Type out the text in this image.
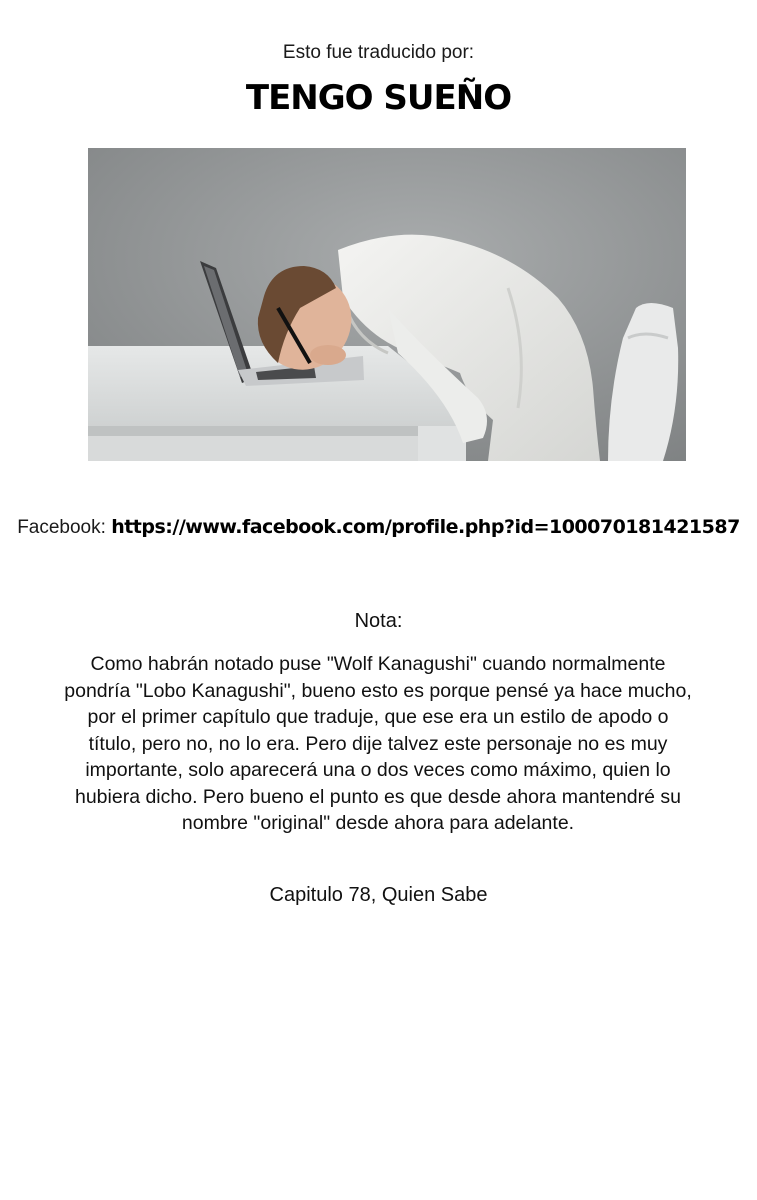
Esto fue traducido por:
TENGO SUEÑO
Facebook: https://www.facebook.com/profile.php?id=100070181421587
Nota:
Como habrán notado puse "Wolf Kanagushi" cuando normalmente pondría "Lobo Kanagushi", bueno esto es porque pensé ya hace mucho, por el primer capítulo que traduje, que ese era un estilo de apodo o título, pero no, no lo era. Pero dije talvez este personaje no es muy importante, solo aparecerá una o dos veces como máximo, quien lo hubiera dicho. Pero bueno el punto es que desde ahora mantendré su nombre "original" desde ahora para adelante.
Capitulo 78, Quien Sabe
